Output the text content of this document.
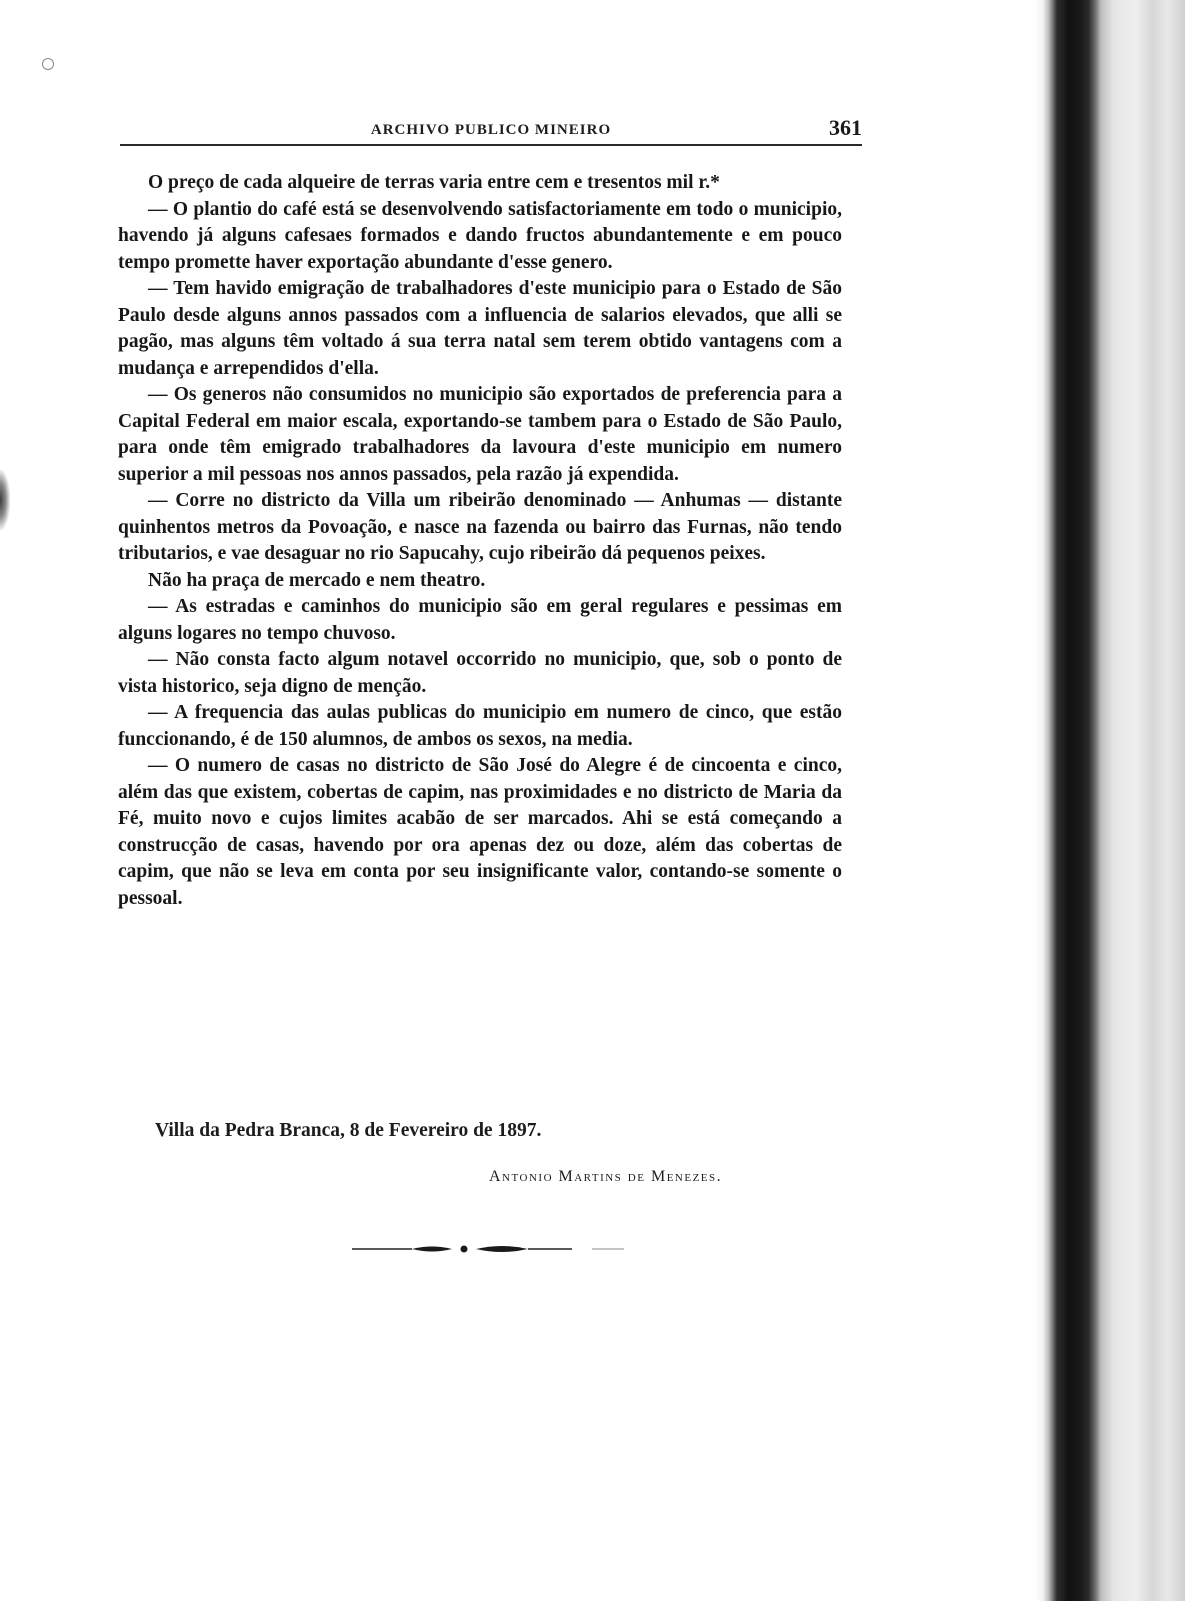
ARCHIVO PUBLICO MINEIRO	361

O preço de cada alqueire de terras varia entre cem e tresentos mil r.*

— O plantio do café está se desenvolvendo satisfactoriamente em todo o municipio, havendo já alguns cafesaes formados e dando fructos abundantemente e em pouco tempo promette haver exportação abundante d'esse genero.

— Tem havido emigração de trabalhadores d'este municipio para o Estado de São Paulo desde alguns annos passados com a influencia de salarios elevados, que alli se pagão, mas alguns têm voltado á sua terra natal sem terem obtido vantagens com a mudança e arrependidos d'ella.

— Os generos não consumidos no municipio são exportados de preferencia para a Capital Federal em maior escala, exportando-se tambem para o Estado de São Paulo, para onde têm emigrado trabalhadores da lavoura d'este municipio em numero superior a mil pessoas nos annos passados, pela razão já expendida.

— Corre no districto da Villa um ribeirão denominado — Anhumas — distante quinhentos metros da Povoação, e nasce na fazenda ou bairro das Furnas, não tendo tributarios, e vae desaguar no rio Sapucahy, cujo ribeirão dá pequenos peixes.

Não ha praça de mercado e nem theatro.

— As estradas e caminhos do municipio são em geral regulares e pessimas em alguns logares no tempo chuvoso.

— Não consta facto algum notavel occorrido no municipio, que, sob o ponto de vista historico, seja digno de menção.

— A frequencia das aulas publicas do municipio em numero de cinco, que estão funccionando, é de 150 alumnos, de ambos os sexos, na media.

— O numero de casas no districto de São José do Alegre é de cincoenta e cinco, além das que existem, cobertas de capim, nas proximidades e no districto de Maria da Fé, muito novo e cujos limites acabão de ser marcados. Ahi se está começando a construcção de casas, havendo por ora apenas dez ou doze, além das cobertas de capim, que não se leva em conta por seu insignificante valor, contando-se somente o pessoal.

Villa da Pedra Branca, 8 de Fevereiro de 1897.
Antonio Martins de Menezes.
